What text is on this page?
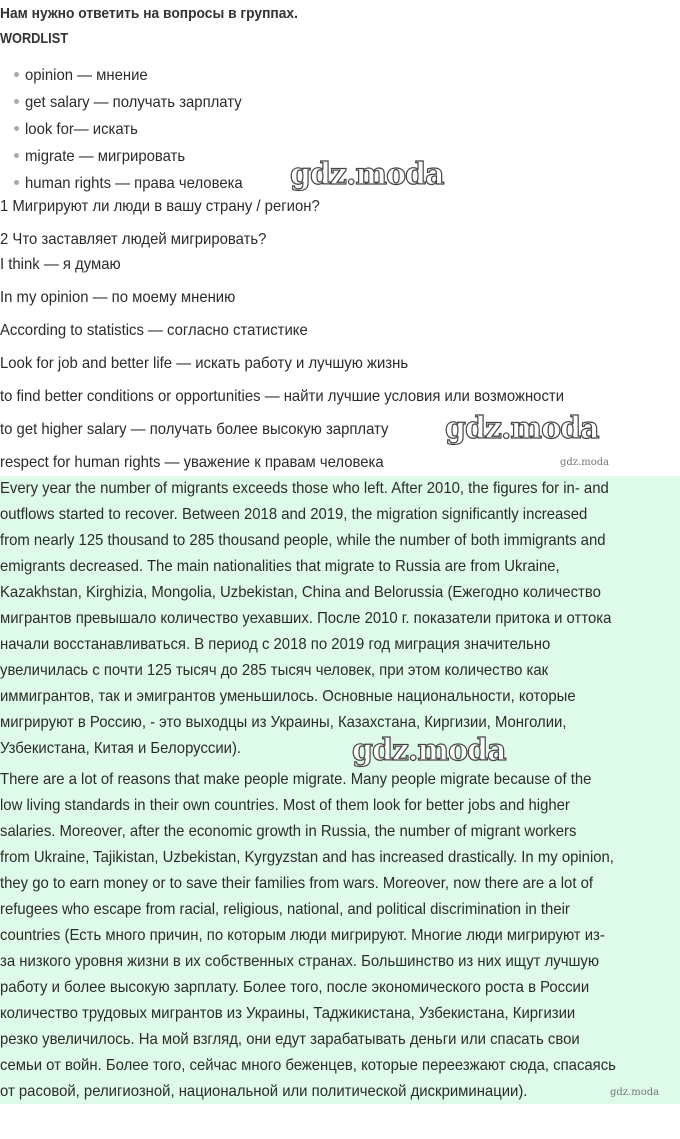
Нам нужно ответить на вопросы в группах.
WORDLIST
opinion — мнение
get salary — получать зарплату
look for— искать
migrate — мигрировать
human rights — права человека
1 Мигрируют ли люди в вашу страну / регион?
2 Что заставляет людей мигрировать?
I think — я думаю
In my opinion — по моему мнению
According to statistics — согласно статистике
Look for job and better life — искать работу и лучшую жизнь
to find better conditions or opportunities — найти лучшие условия или возможности
to get higher salary — получать более высокую зарплату
respect for human rights — уважение к правам человека
Every year the number of migrants exceeds those who left. After 2010, the figures for in- and
outflows started to recover. Between 2018 and 2019, the migration significantly increased
from nearly 125 thousand to 285 thousand people, while the number of both immigrants and
emigrants decreased. The main nationalities that migrate to Russia are from Ukraine,
Kazakhstan, Kirghizia, Mongolia, Uzbekistan, China and Belorussia (Ежегодно количество
мигрантов превышало количество уехавших. После 2010 г. показатели притока и оттока
начали восстанавливаться. В период с 2018 по 2019 год миграция значительно
увеличилась с почти 125 тысяч до 285 тысяч человек, при этом количество как
иммигрантов, так и эмигрантов уменьшилось. Основные национальности, которые
мигрируют в Россию, - это выходцы из Украины, Казахстана, Киргизии, Монголии,
Узбекистана, Китая и Белоруссии).
There are a lot of reasons that make people migrate. Many people migrate because of the
low living standards in their own countries. Most of them look for better jobs and higher
salaries. Moreover, after the economic growth in Russia, the number of migrant workers
from Ukraine, Tajikistan, Uzbekistan, Kyrgyzstan and has increased drastically. In my opinion,
they go to earn money or to save their families from wars. Moreover, now there are a lot of
refugees who escape from racial, religious, national, and political discrimination in their
countries (Есть много причин, по которым люди мигрируют. Многие люди мигрируют из-
за низкого уровня жизни в их собственных странах. Большинство из них ищут лучшую
работу и более высокую зарплату. Более того, после экономического роста в России
количество трудовых мигрантов из Украины, Таджикистана, Узбекистана, Киргизии
резко увеличилось. На мой взгляд, они едут зарабатывать деньги или спасать свои
семьи от войн. Более того, сейчас много беженцев, которые переезжают сюда, спасаясь
от расовой, религиозной, национальной или политической дискриминации).
gdz.moda
gdz.moda
gdz.moda
gdz.moda
gdz.moda
